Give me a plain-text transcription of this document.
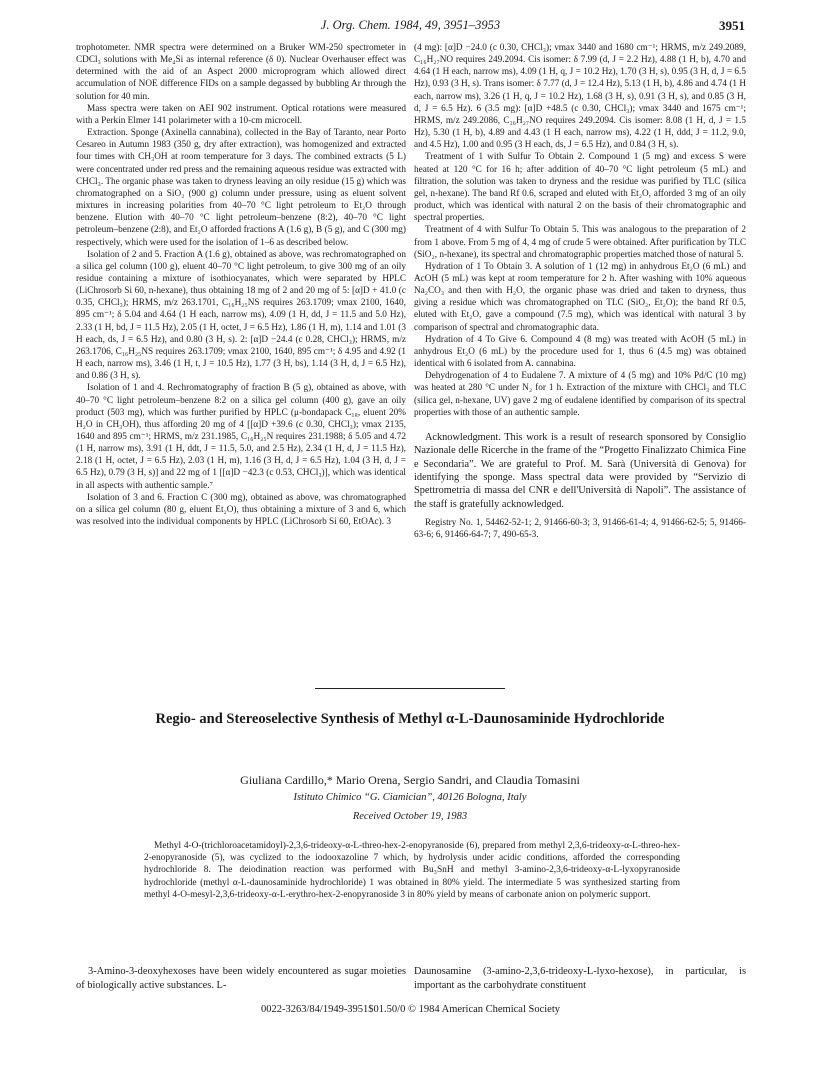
J. Org. Chem. 1984, 49, 3951–3953	3951

trophotometer. NMR spectra were determined on a Bruker WM-250 spectrometer in CDCl₃ solutions with Me₄Si as internal reference (δ 0). Nuclear Overhauser effect was determined with the aid of an Aspect 2000 microprogram which allowed direct accumulation of NOE difference FIDs on a sample degassed by bubbling Ar through the solution for 40 min.

Mass spectra were taken on AEI 902 instrument. Optical rotations were measured with a Perkin Elmer 141 polarimeter with a 10-cm microcell.

Extraction. Sponge (Axinella cannabina), collected in the Bay of Taranto, near Porto Cesareo in Autumn 1983 (350 g, dry after extraction), was homogenized and extracted four times with CH₃OH at room temperature for 3 days. The combined extracts (5 L) were concentrated under red press and the remaining aqueous residue was extracted with CHCl₃. The organic phase was taken to dryness leaving an oily residue (15 g) which was chromatographed on a SiO₂ (900 g) column under pressure, using as eluent solvent mixtures in increasing polarities from 40–70 °C light petroleum to Et₂O through benzene. Elution with 40–70 °C light petroleum–benzene (8:2), 40–70 °C light petroleum–benzene (2:8), and Et₂O afforded fractions A (1.6 g), B (5 g), and C (300 mg) respectively, which were used for the isolation of 1–6 as described below.

Isolation of 2 and 5. Fraction A (1.6 g), obtained as above, was rechromatographed on a silica gel column (100 g), eluent 40–70 °C light petroleum, to give 300 mg of an oily residue containing a mixture of isothiocyanates, which were separated by HPLC (LiChrosorb Si 60, n-hexane), thus obtaining 18 mg of 2 and 20 mg of 5: [α]D + 41.0 (c 0.35, CHCl₃); HRMS, m/z 263.1701, C₁₆H₂₅NS requires 263.1709; νmax 2100, 1640, 895 cm⁻¹; δ 5.04 and 4.64 (1 H each, narrow ms), 4.09 (1 H, dd, J = 11.5 and 5.0 Hz), 2.33 (1 H, bd, J = 11.5 Hz), 2.05 (1 H, octet, J = 6.5 Hz), 1.86 (1 H, m), 1.14 and 1.01 (3 H each, ds, J = 6.5 Hz), and 0.80 (3 H, s). 2: [α]D −24.4 (c 0.28, CHCl₃); HRMS, m/z 263.1706, C₁₆H₂₅NS requires 263.1709; νmax 2100, 1640, 895 cm⁻¹; δ 4.95 and 4.92 (1 H each, narrow ms), 3.46 (1 H, t, J = 10.5 Hz), 1.77 (3 H, bs), 1.14 (3 H, d, J = 6.5 Hz), and 0.86 (3 H, s).

Isolation of 1 and 4. Rechromatography of fraction B (5 g), obtained as above, with 40–70 °C light petroleum–benzene 8:2 on a silica gel column (400 g), gave an oily product (503 mg), which was further purified by HPLC (μ-bondapack C₁₈, eluent 20% H₂O in CH₃OH), thus affording 20 mg of 4 [[α]D +39.6 (c 0.30, CHCl₃); νmax 2135, 1640 and 895 cm⁻¹; HRMS, m/z 231.1985, C₁₆H₂₅N requires 231.1988; δ 5.05 and 4.72 (1 H, narrow ms), 3.91 (1 H, ddt, J = 11.5, 5.0, and 2.5 Hz), 2.34 (1 H, d, J = 11.5 Hz), 2.18 (1 H, octet, J = 6.5 Hz), 2.03 (1 H, m), 1.16 (3 H, d, J = 6.5 Hz), 1.04 (3 H, d, J = 6.5 Hz), 0.79 (3 H, s)] and 22 mg of 1 [[α]D −42.3 (c 0.53, CHCl₃)], which was identical in all aspects with authentic sample.⁷

Isolation of 3 and 6. Fraction C (300 mg), obtained as above, was chromatographed on a silica gel column (80 g, eluent Et₂O), thus obtaining a mixture of 3 and 6, which was resolved into the individual components by HPLC (LiChrosorb Si 60, EtOAc). 3

(4 mg): [α]D −24.0 (c 0.30, CHCl₃); νmax 3440 and 1680 cm⁻¹; HRMS, m/z 249.2089, C₁₆H₂₇NO requires 249.2094. Cis isomer: δ 7.99 (d, J = 2.2 Hz), 4.88 (1 H, b), 4.70 and 4.64 (1 H each, narrow ms), 4.09 (1 H, q, J = 10.2 Hz), 1.70 (3 H, s), 0.95 (3 H, d, J = 6.5 Hz), 0.93 (3 H, s). Trans isomer: δ 7.77 (d, J = 12.4 Hz), 5.13 (1 H, b), 4.86 and 4.74 (1 H each, narrow ms), 3.26 (1 H, q, J = 10.2 Hz), 1.68 (3 H, s), 0.91 (3 H, s), and 0.85 (3 H, d, J = 6.5 Hz). 6 (3.5 mg): [α]D +48.5 (c 0.30, CHCl₃); νmax 3440 and 1675 cm⁻¹; HRMS, m/z 249.2086, C₁₆H₂₇NO requires 249.2094. Cis isomer: 8.08 (1 H, d, J = 1.5 Hz), 5.30 (1 H, b), 4.89 and 4.43 (1 H each, narrow ms), 4.22 (1 H, ddd, J = 11.2, 9.0, and 4.5 Hz), 1.00 and 0.95 (3 H each, ds, J = 6.5 Hz), and 0.84 (3 H, s).

Treatment of 1 with Sulfur To Obtain 2. Compound 1 (5 mg) and excess S were heated at 120 °C for 16 h; after addition of 40–70 °C light petroleum (5 mL) and filtration, the solution was taken to dryness and the residue was purified by TLC (silica gel, n-hexane). The band Rf 0.6, scraped and eluted with Et₂O, afforded 3 mg of an oily product, which was identical with natural 2 on the basis of their chromatographic and spectral properties.

Treatment of 4 with Sulfur To Obtain 5. This was analogous to the preparation of 2 from 1 above. From 5 mg of 4, 4 mg of crude 5 were obtained. After purification by TLC (SiO₂, n-hexane), its spectral and chromatographic properties matched those of natural 5.

Hydration of 1 To Obtain 3. A solution of 1 (12 mg) in anhydrous Et₂O (6 mL) and AcOH (5 mL) was kept at room temperature for 2 h. After washing with 10% aqueous Na₂CO₃ and then with H₂O, the organic phase was dried and taken to dryness, thus giving a residue which was chromatographed on TLC (SiO₂, Et₂O); the band Rf 0.5, eluted with Et₂O, gave a compound (7.5 mg), which was identical with natural 3 by comparison of spectral and chromatographic data.

Hydration of 4 To Give 6. Compound 4 (8 mg) was treated with AcOH (5 mL) in anhydrous Et₂O (6 mL) by the procedure used for 1, thus 6 (4.5 mg) was obtained identical with 6 isolated from A. cannabina.

Dehydrogenation of 4 to Eudalene 7. A mixture of 4 (5 mg) and 10% Pd/C (10 mg) was heated at 280 °C under N₂ for 1 h. Extraction of the mixture with CHCl₃ and TLC (silica gel, n-hexane, UV) gave 2 mg of eudalene identified by comparison of its spectral properties with those of an authentic sample.

Acknowledgment. This work is a result of research sponsored by Consiglio Nazionale delle Ricerche in the frame of the “Progetto Finalizzato Chimica Fine e Secondaria”. We are grateful to Prof. M. Sarà (Università di Genova) for identifying the sponge. Mass spectral data were provided by “Servizio di Spettrometria di massa del CNR e dell'Università di Napoli”. The assistance of the staff is gratefully acknowledged.

Registry No. 1, 54462-52-1; 2, 91466-60-3; 3, 91466-61-4; 4, 91466-62-5; 5, 91466-63-6; 6, 91466-64-7; 7, 490-65-3.

Regio- and Stereoselective Synthesis of Methyl α-L-Daunosaminide Hydrochloride
Giuliana Cardillo,* Mario Orena, Sergio Sandri, and Claudia Tomasini
Istituto Chimico “G. Ciamician”, 40126 Bologna, Italy
Received October 19, 1983

Methyl 4-O-(trichloroacetamidoyl)-2,3,6-trideoxy-α-L-threo-hex-2-enopyranoside (6), prepared from methyl 2,3,6-trideoxy-α-L-threo-hex-2-enopyranoside (5), was cyclized to the iodooxazoline 7 which, by hydrolysis under acidic conditions, afforded the corresponding hydrochloride 8. The deiodination reaction was performed with Bu₃SnH and methyl 3-amino-2,3,6-trideoxy-α-L-lyxopyranoside hydrochloride (methyl α-L-daunosaminide hydrochloride) 1 was obtained in 80% yield. The intermediate 5 was synthesized starting from methyl 4-O-mesyl-2,3,6-trideoxy-α-L-erythro-hex-2-enopyranoside 3 in 80% yield by means of carbonate anion on polymeric support.

3-Amino-3-deoxyhexoses have been widely encountered as sugar moieties of biologically active substances. L-

Daunosamine (3-amino-2,3,6-trideoxy-L-lyxo-hexose), in particular, is important as the carbohydrate constituent

0022-3263/84/1949-3951$01.50/0 © 1984 American Chemical Society
